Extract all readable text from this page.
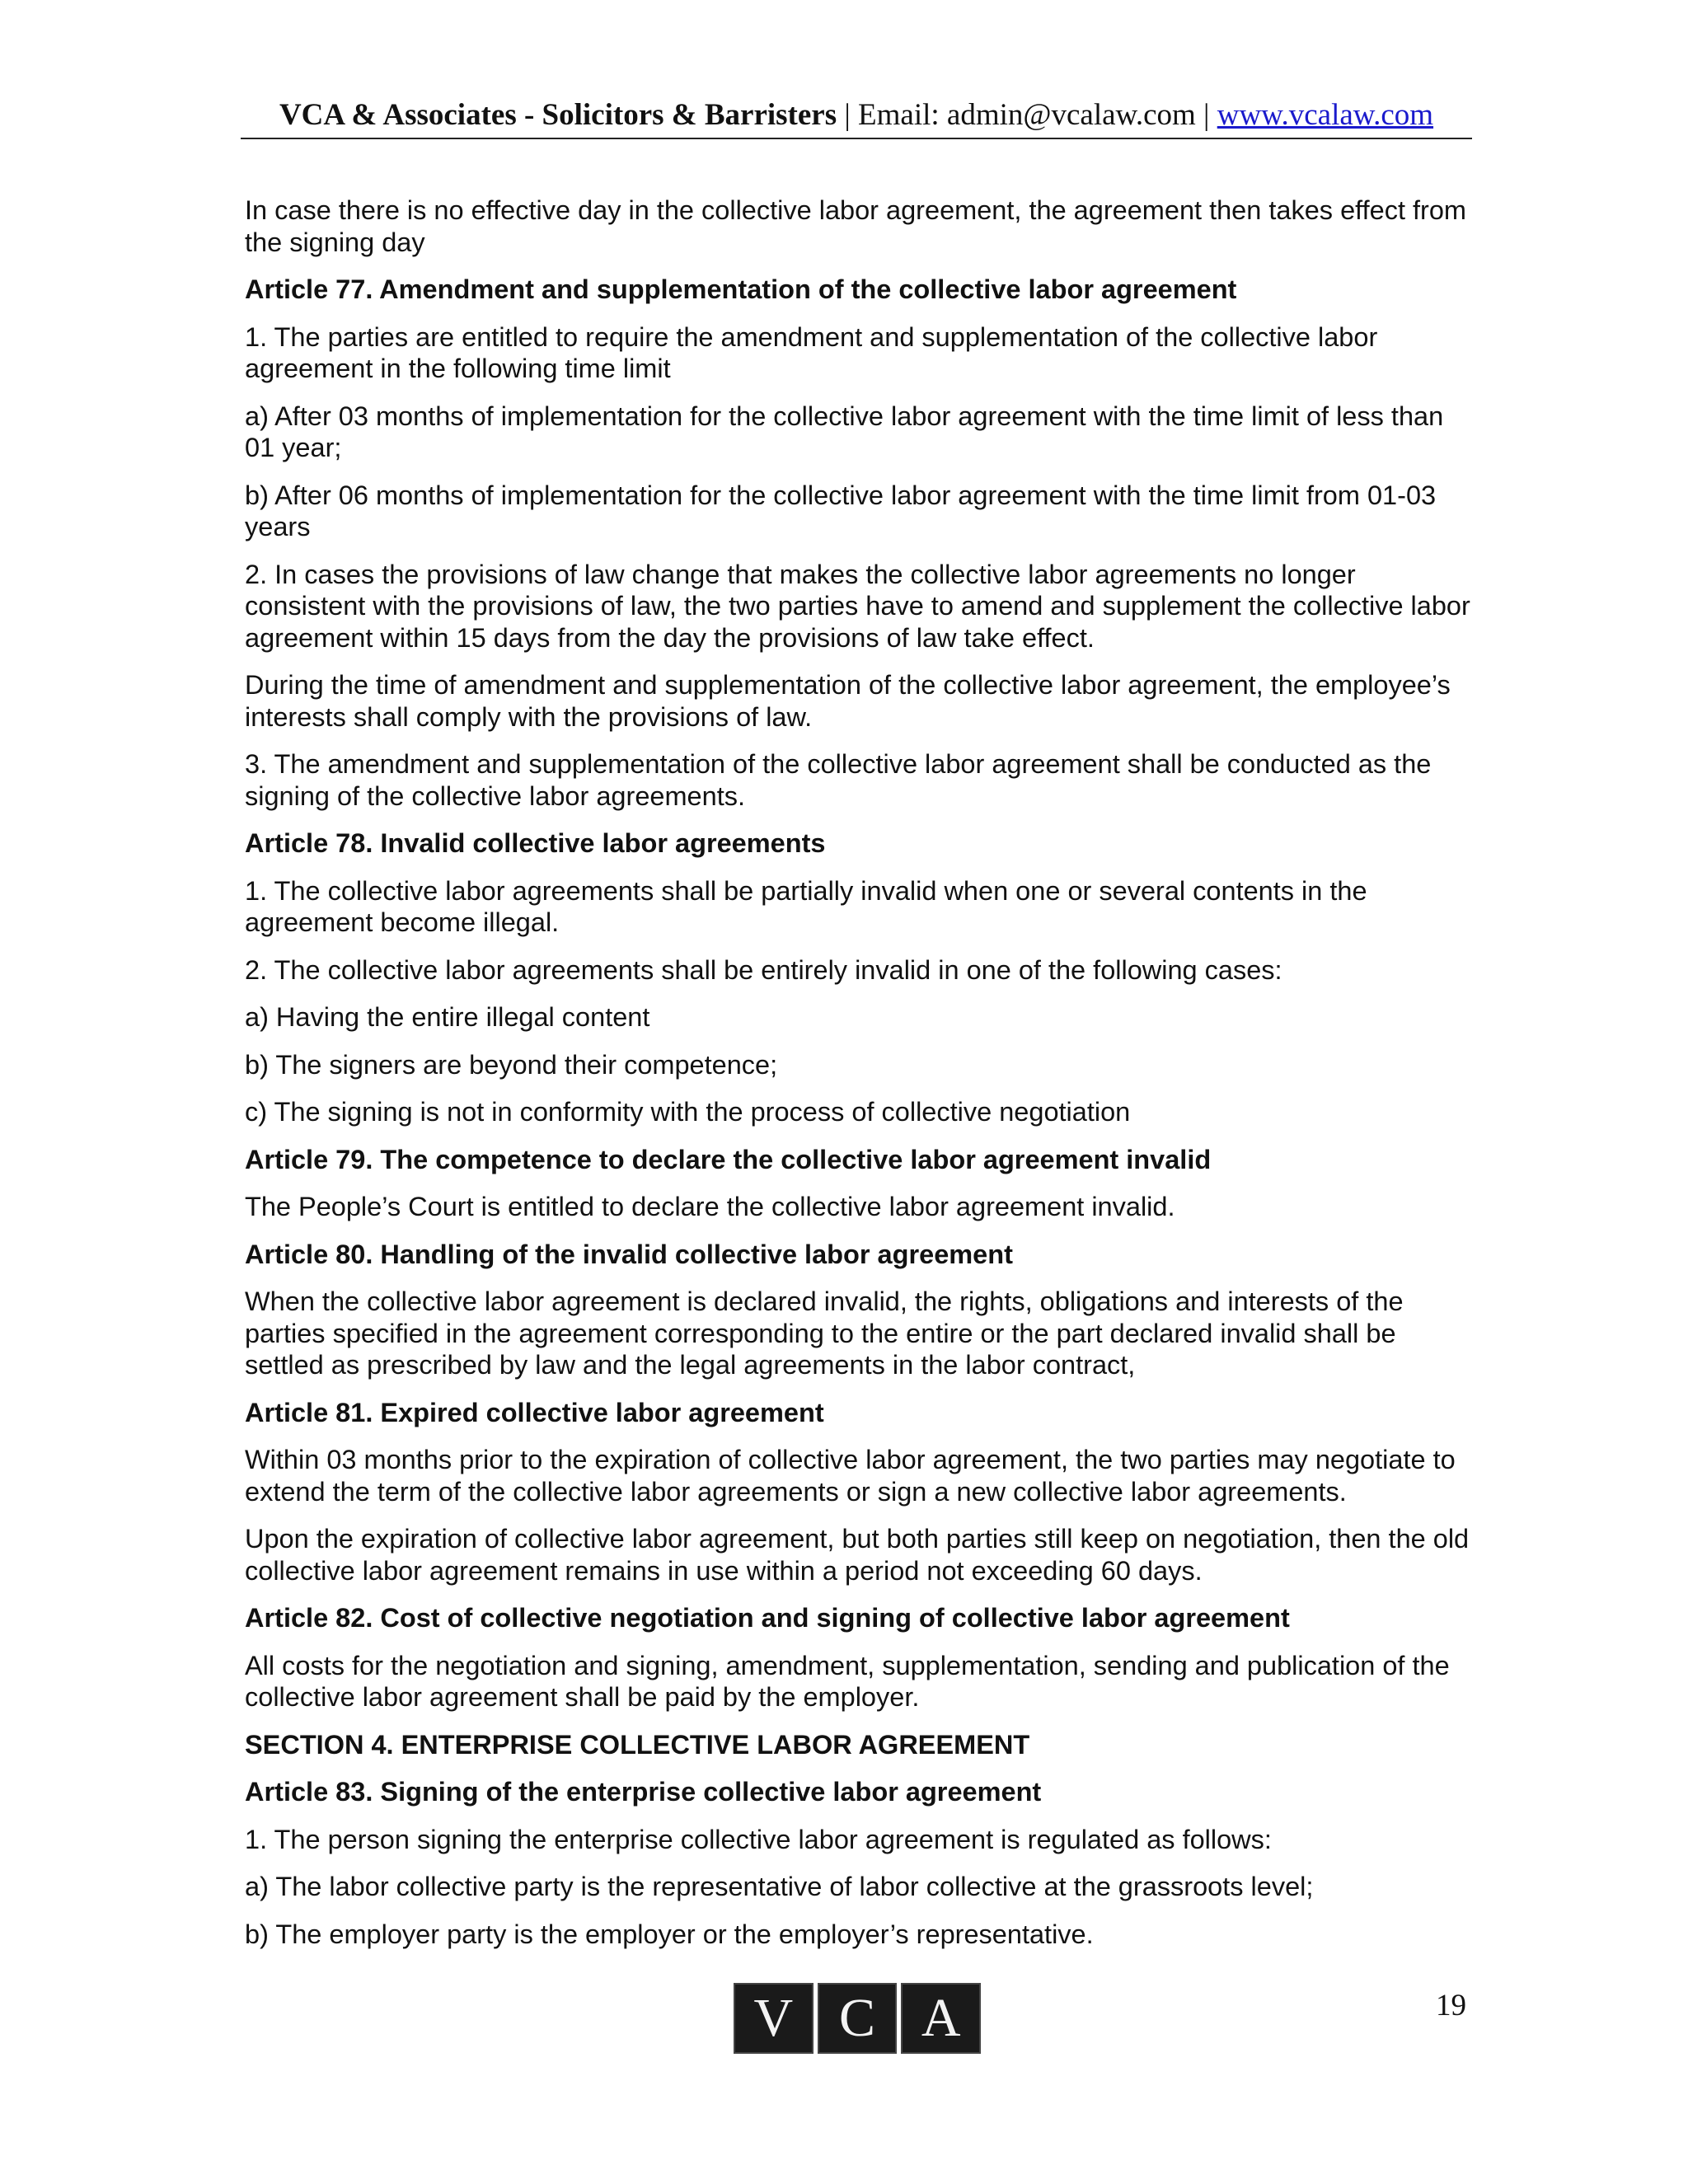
VCA & Associates - Solicitors & Barristers | Email: admin@vcalaw.com | www.vcalaw.com

In case there is no effective day in the collective labor agreement, the agreement then takes effect from the signing day

Article 77. Amendment and supplementation of the collective labor agreement

1. The parties are entitled to require the amendment and supplementation of the collective labor agreement in the following time limit

a) After 03 months of implementation for the collective labor agreement with the time limit of less than 01 year;

b) After 06 months of implementation for the collective labor agreement with the time limit from 01-03 years

2. In cases the provisions of law change that makes the collective labor agreements no longer consistent with the provisions of law, the two parties have to amend and supplement the collective labor agreement within 15 days from the day the provisions of law take effect.

During the time of amendment and supplementation of the collective labor agreement, the employee’s interests shall comply with the provisions of law.

3. The amendment and supplementation of the collective labor agreement shall be conducted as the signing of the collective labor agreements.

Article 78. Invalid collective labor agreements

1. The collective labor agreements shall be partially invalid when one or several contents in the agreement become illegal.

2. The collective labor agreements shall be entirely invalid in one of the following cases:

a) Having the entire illegal content

b) The signers are beyond their competence;

c) The signing is not in conformity with the process of collective negotiation

Article 79. The competence to declare the collective labor agreement invalid

The People’s Court is entitled to declare the collective labor agreement invalid.

Article 80. Handling of the invalid collective labor agreement

When the collective labor agreement is declared invalid, the rights, obligations and interests of the parties specified in the agreement corresponding to the entire or the part declared invalid shall be settled as prescribed by law and the legal agreements in the labor contract,

Article 81. Expired collective labor agreement

Within 03 months prior to the expiration of collective labor agreement, the two parties may negotiate to extend the term of the collective labor agreements or sign a new collective labor agreements.

Upon the expiration of collective labor agreement, but both parties still keep on negotiation, then the old collective labor agreement remains in use within a period not exceeding 60 days.

Article 82. Cost of collective negotiation and signing of collective labor agreement

All costs for the negotiation and signing, amendment, supplementation, sending and publication of the collective labor agreement shall be paid by the employer.

SECTION 4. ENTERPRISE COLLECTIVE LABOR AGREEMENT

Article 83. Signing of the enterprise collective labor agreement

1. The person signing the enterprise collective labor agreement is regulated as follows:

a) The labor collective party is the representative of labor collective at the grassroots level;

b) The employer party is the employer or the employer’s representative.

V C A	19
